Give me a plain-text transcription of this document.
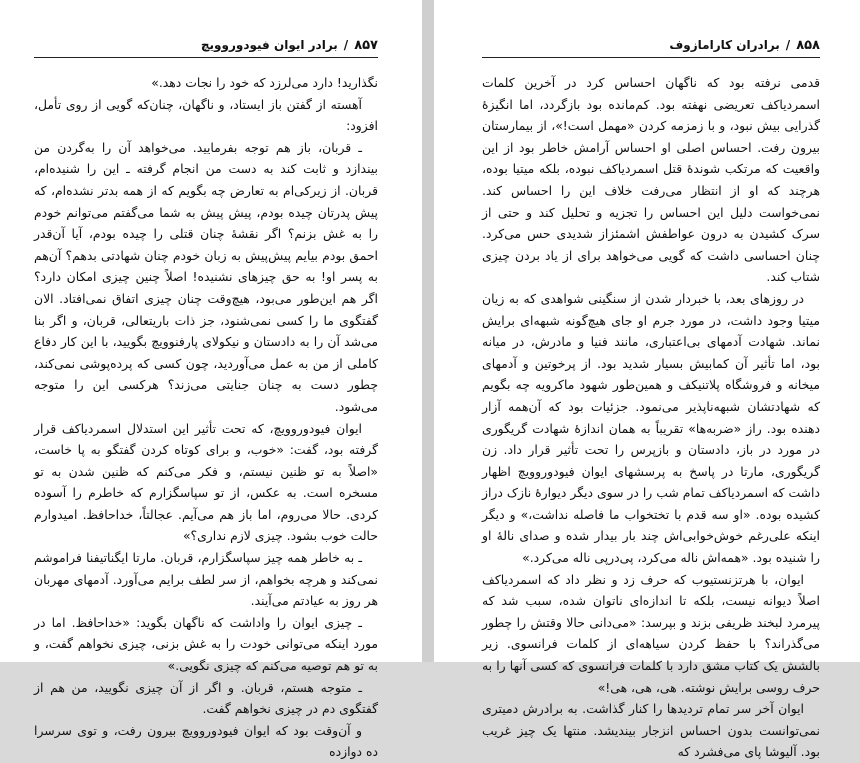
۸۵۷
/
برادر ایوان فیودوروویچ

نگذارید! دارد می‌لرزد که خود را نجات دهد.»

آهسته از گفتن باز ایستاد، و ناگهان، چنان‌که گویی از روی تأمل، افزود:

ـ قربان، باز هم توجه بفرمایید. می‌خواهد آن را به‌گردن من بیندازد و ثابت کند به دست من انجام گرفته ـ این را شنیده‌ام، قربان. از زیرکی‌ام به تعارض چه بگویم که از همه بدتر نشده‌ام، که پیش پدرتان چیده بودم، پیش پیش به شما می‌گفتم می‌توانم خودم را به غش بزنم؟ اگر نقشهٔ چنان قتلی را چیده بودم، آیا آن‌قدر احمق بودم بیایم پیش‌پیش به زبان خودم چنان شهادتی بدهم؟ آن‌هم به پسر او! به حق چیزهای نشنیده! اصلاً چنین چیزی امکان دارد؟ اگر هم این‌طور می‌بود، هیچ‌وقت چنان چیزی اتفاق نمی‌افتاد. الان گفتگوی ما را کسی نمی‌شنود، جز ذات باریتعالی، قربان، و اگر بنا می‌شد آن را به دادستان و نیکولای پارفنوویچ بگویید، با این کار دفاع کاملی از من به عمل می‌آوردید، چون کسی که پرده‌پوشی نمی‌کند، چطور دست به چنان جنایتی می‌زند؟ هرکسی این را متوجه می‌شود.

ایوان فیودوروویچ، که تحت تأثیر این استدلال اسمردیاکف قرار گرفته بود، گفت: «خوب، و برای کوتاه کردن گفتگو به پا خاست، «اصلاً به تو ظنین نیستم، و فکر می‌کنم که ظنین شدن به تو مسخره است. به عکس، از تو سپاسگزارم که خاطرم را آسوده کردی. حالا می‌روم، اما باز هم می‌آیم. عجالتاً، خداحافظ. امیدوارم حالت خوب بشود. چیزی لازم نداری؟»

ـ به خاطر همه چیز سپاسگزارم، قربان. مارتا ایگناتیفنا فراموشم نمی‌کند و هرچه بخواهم، از سر لطف برایم می‌آورد. آدمهای مهربان هر روز به عیادتم می‌آیند.

ـ چیزی ایوان را واداشت که ناگهان بگوید: «خداحافظ. اما در مورد اینکه می‌توانی خودت را به غش بزنی، چیزی نخواهم گفت، و به تو هم توصیه می‌کنم که چیزی نگویی.»

ـ متوجه هستم، قربان. و اگر از آن چیزی نگویید، من هم از گفتگوی دم در چیزی نخواهم گفت.

و آن‌وقت بود که ایوان فیودوروویچ بیرون رفت، و توی سرسرا ده دوازده

۸۵۸
/
برادران کارامازوف

قدمی نرفته بود که ناگهان احساس کرد در آخرین کلمات اسمردیاکف تعریضی نهفته بود. کم‌مانده بود بازگردد، اما انگیزهٔ گذرایی بیش نبود، و با زمزمه کردن «مهمل است!»، از بیمارستان بیرون رفت. احساس اصلی او احساس آرامش خاطر بود از این واقعیت که مرتکب شوندهٔ قتل اسمردیاکف نبوده، بلکه میتیا بوده، هرچند که او از انتظار می‌رفت خلاف این را احساس کند. نمی‌خواست دلیل این احساس را تجزیه و تحلیل کند و حتی از سرک کشیدن به درون عواطفش اشمئزاز شدیدی حس می‌کرد. چنان احساسی داشت که گویی می‌خواهد برای از یاد بردن چیزی شتاب کند.

در روزهای بعد، با خبردار شدن از سنگینی شواهدی که به زیان میتیا وجود داشت، در مورد جرم او جای هیچ‌گونه شبهه‌ای برایش نماند. شهادت آدمهای بی‌اعتباری، مانند فنیا و مادرش، در میانه بود، اما تأثیر آن کمابیش بسیار شدید بود. از پرخوتین و آدمهای میخانه و فروشگاه پلاتنیکف و همین‌طور شهود ماکرویه چه بگویم که شهادتشان شبهه‌ناپذیر می‌نمود. جزئیات بود که آن‌همه آزار دهنده بود. راز «ضربه‌ها» تقریباً به همان اندازهٔ شهادت گریگوری در مورد در باز، دادستان و بازپرس را تحت تأثیر قرار داد. زن گریگوری، مارتا در پاسخ به پرسشهای ایوان فیودوروویچ اظهار داشت که اسمردیاکف تمام شب را در سوی دیگر دیوارهٔ نازک دراز کشیده بوده. «او سه قدم با تختخواب ما فاصله نداشت،» و دیگر اینکه علی‌رغم خوش‌خوابی‌اش چند بار بیدار شده و صدای نالهٔ او را شنیده بود. «همه‌اش ناله می‌کرد، پی‌درپی ناله می‌کرد.»

ایوان، با هرتزنستیوب که حرف زد و نظر داد که اسمردیاکف اصلاً دیوانه نیست، بلکه تا اندازه‌ای ناتوان شده، سبب شد که پیرمرد لبخند ظریفی بزند و بپرسد: «می‌دانی حالا وقتش را چطور می‌گذراند؟ با حفظ کردن سیاهه‌ای از کلمات فرانسوی. زیر بالشش یک کتاب مشق دارد با کلمات فرانسوی که کسی آنها را به حرف روسی برایش نوشته. هی، هی، هی!»

ایوان آخر سر تمام تردیدها را کنار گذاشت. به برادرش دمیتری نمی‌توانست بدون احساس انزجار بیندیشد. منتها یک چیز غریب بود. آلیوشا پای می‌فشرد که
